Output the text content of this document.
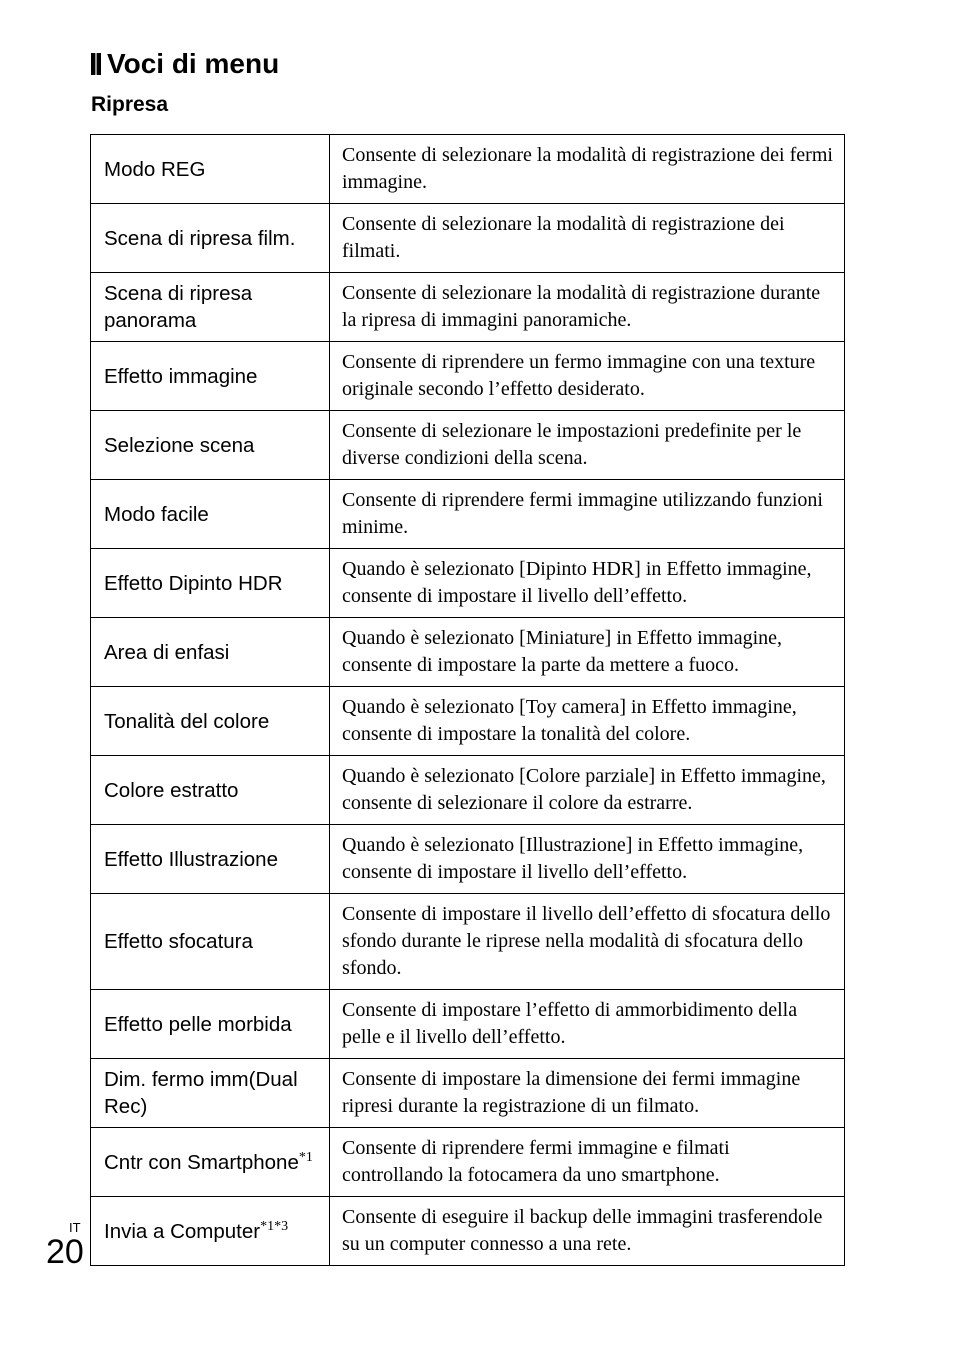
Voci di menu
Ripresa
Modo REG	Consente di selezionare la modalità di registrazione dei fermi immagine.
Scena di ripresa film.	Consente di selezionare la modalità di registrazione dei filmati.
Scena di ripresa panorama	Consente di selezionare la modalità di registrazione durante la ripresa di immagini panoramiche.
Effetto immagine	Consente di riprendere un fermo immagine con una texture originale secondo l’effetto desiderato.
Selezione scena	Consente di selezionare le impostazioni predefinite per le diverse condizioni della scena.
Modo facile	Consente di riprendere fermi immagine utilizzando funzioni minime.
Effetto Dipinto HDR	Quando è selezionato [Dipinto HDR] in Effetto immagine, consente di impostare il livello dell’effetto.
Area di enfasi	Quando è selezionato [Miniature] in Effetto immagine, consente di impostare la parte da mettere a fuoco.
Tonalità del colore	Quando è selezionato [Toy camera] in Effetto immagine, consente di impostare la tonalità del colore.
Colore estratto	Quando è selezionato [Colore parziale] in Effetto immagine, consente di selezionare il colore da estrarre.
Effetto Illustrazione	Quando è selezionato [Illustrazione] in Effetto immagine, consente di impostare il livello dell’effetto.
Effetto sfocatura	Consente di impostare il livello dell’effetto di sfocatura dello sfondo durante le riprese nella modalità di sfocatura dello sfondo.
Effetto pelle morbida	Consente di impostare l’effetto di ammorbidimento della pelle e il livello dell’effetto.
Dim. fermo imm(Dual Rec)	Consente di impostare la dimensione dei fermi immagine ripresi durante la registrazione di un filmato.
Cntr con Smartphone$^{*1}$	Consente di riprendere fermi immagine e filmati controllando la fotocamera da uno smartphone.
Invia a Computer$^{*1*3}$	Consente di eseguire il backup delle immagini trasferendole su un computer connesso a una rete.
IT
20
